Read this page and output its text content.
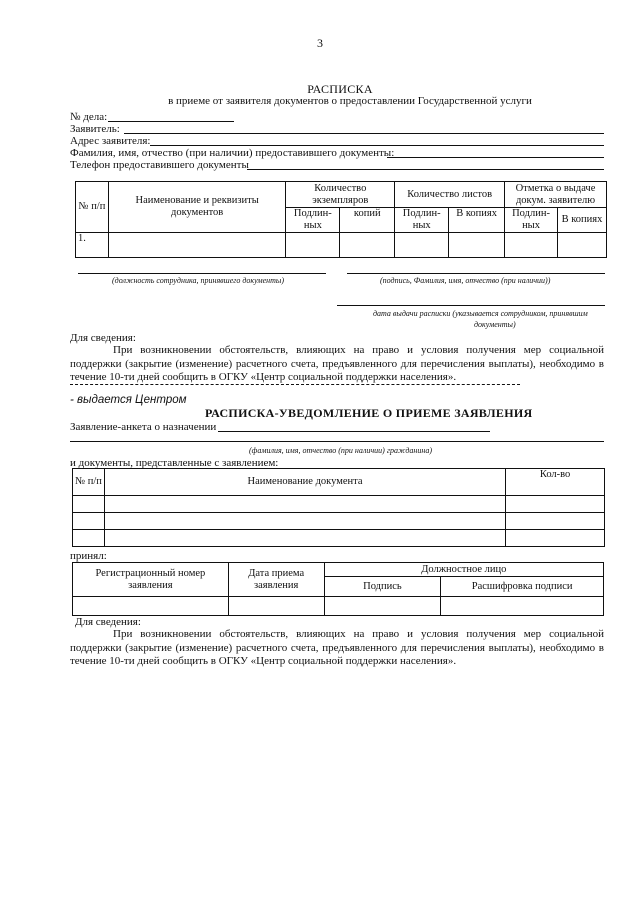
3
РАСПИСКА
в приеме от заявителя документов о предоставлении Государственной услуги
№ дела:
Заявитель:
Адрес заявителя:
Фамилия, имя, отчество (при наличии) предоставившего документы:
Телефон предоставившего документы
№ п/п	Наименование и реквизиты документов	Количество экземпляров		Количество листов		Отметка о выдаче докум. заявителю	
		Подлин-ных	копий	Подлин-ных	В копиях	Подлин-ных	В копиях
1.							
(должность сотрудника, принявшего документы)	(подпись, Фамилия, имя, отчество (при наличии))
дата выдачи расписки (указывается сотрудником, принявшим
документы)
Для сведения:
При возникновении обстоятельств, влияющих на право и условия получения мер социальной поддержки (закрытие (изменение) расчетного счета, предъявленного для перечисления выплаты), необходимо в течение 10-ти дней сообщить в ОГКУ «Центр социальной поддержки населения».
- выдается Центром
РАСПИСКА-УВЕДОМЛЕНИЕ О ПРИЕМЕ ЗАЯВЛЕНИЯ
Заявление-анкета о назначении
(фамилия, имя, отчество (при наличии) гражданина)
и документы, представленные с заявлением:
№ п/п	Наименование документа	Кол-во

принял:
Регистрационный номер заявления	Дата приема заявления	Должностное лицо	
		Подпись	Расшифровка подписи

Для сведения:
При возникновении обстоятельств, влияющих на право и условия получения мер социальной поддержки (закрытие (изменение) расчетного счета, предъявленного для перечисления выплаты), необходимо в течение 10-ти дней сообщить в ОГКУ «Центр социальной поддержки населения».
